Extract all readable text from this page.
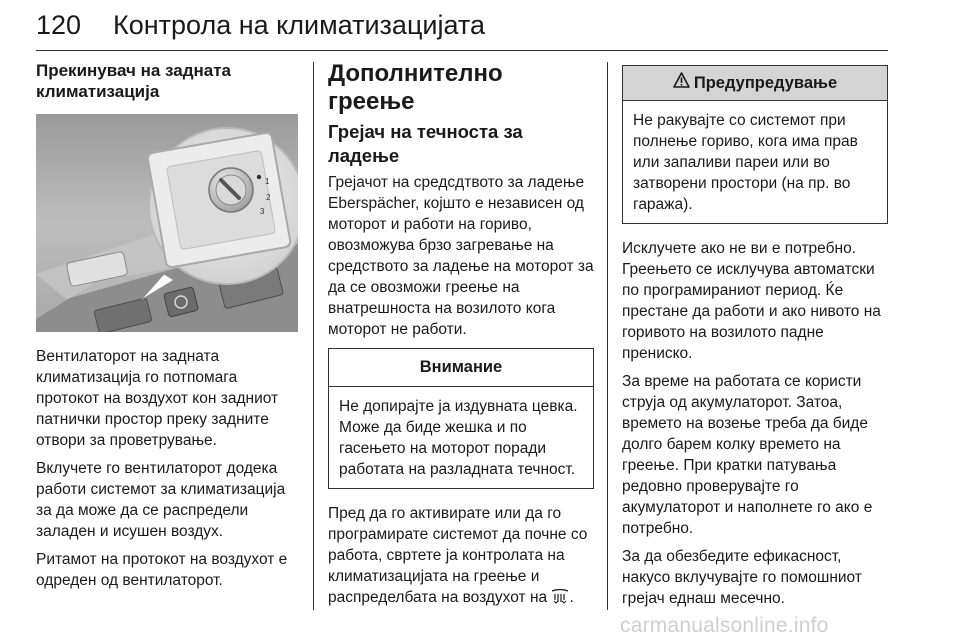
120 Контрола на климатизацијата
Прекинувач на задната климатизација
1
2
3

Вентилаторот на задната климатизација го потпомага протокот на воздухот кон задниот патнички простор преку задните отвори за проветрување.

Вклучете го вентилаторот додека работи системот за климатизација за да може да се распредели заладен и исушен воздух.

Ритамот на протокот на воздухот е одреден од вентилаторот.

Дополнително греење
Грејач на течноста за ладење

Грејачот на средсдтвото за ладење Eberspächer, којшто е независен од моторот и работи на гориво, овозможува брзо загревање на средството за ладење на моторот за да се овозможи греење на внатрешноста на возилото кога моторот не работи.

Внимание
Не допирајте ја издувната цевка. Може да биде жешка и по гасењето на моторот поради работата на разладната течност.

Пред да го активирате или да го програмирате системот да почне со работа, свртете ја контролата на климатизацијата на греење и распределбата на воздухот на .

Предупредување
Не ракувајте со системот при полнење гориво, кога има прав или запаливи пареи или во затворени простори (на пр. во гаража).

Исклучете ако не ви е потребно. Греењето се исклучува автоматски по програмираниот период. Ќе престане да работи и ако нивото на горивото на возилото падне прениско.

За време на работата се користи струја од акумулаторот. Затоа, времето на возење треба да биде долго барем колку времето на греење. При кратки патувања редовно проверувајте го акумулаторот и наполнете го ако е потребно.

За да обезбедите ефикасност, накусо вклучувајте го помошниот грејач еднаш месечно.

carmanualsonline.info
